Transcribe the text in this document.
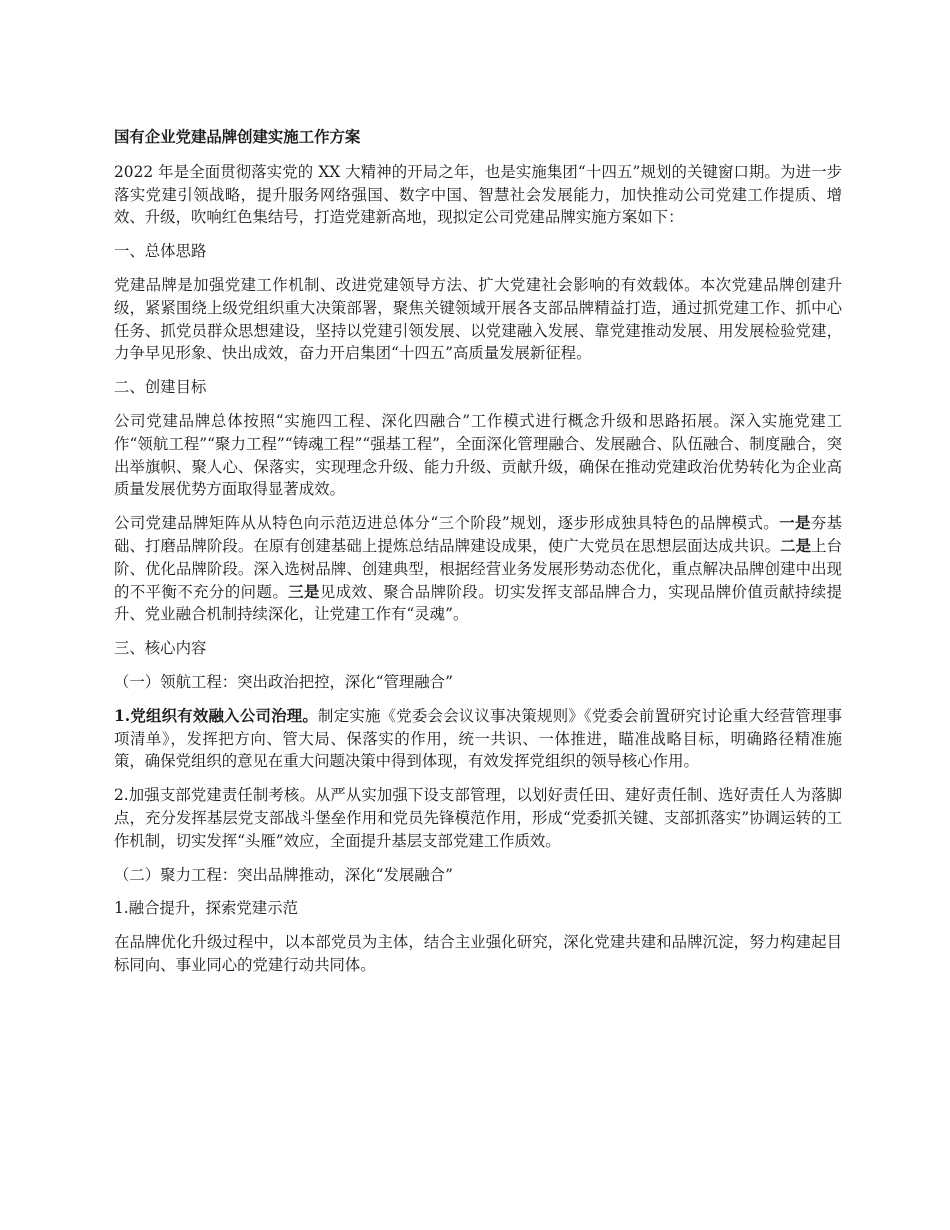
国有企业党建品牌创建实施工作方案

2022 年是全面贯彻落实党的 XX 大精神的开局之年，也是实施集团“十四五”规划的关键窗口期。为进一步落实党建引领战略，提升服务网络强国、数字中国、智慧社会发展能力，加快推动公司党建工作提质、增效、升级，吹响红色集结号，打造党建新高地，现拟定公司党建品牌实施方案如下：

一、总体思路

党建品牌是加强党建工作机制、改进党建领导方法、扩大党建社会影响的有效载体。本次党建品牌创建升级，紧紧围绕上级党组织重大决策部署，聚焦关键领域开展各支部品牌精益打造，通过抓党建工作、抓中心任务、抓党员群众思想建设，坚持以党建引领发展、以党建融入发展、靠党建推动发展、用发展检验党建，力争早见形象、快出成效，奋力开启集团“十四五”高质量发展新征程。

二、创建目标

公司党建品牌总体按照“实施四工程、深化四融合”工作模式进行概念升级和思路拓展。深入实施党建工作“领航工程”“聚力工程”“铸魂工程”“强基工程”，全面深化管理融合、发展融合、队伍融合、制度融合，突出举旗帜、聚人心、保落实，实现理念升级、能力升级、贡献升级，确保在推动党建政治优势转化为企业高质量发展优势方面取得显著成效。

公司党建品牌矩阵从从特色向示范迈进总体分“三个阶段”规划，逐步形成独具特色的品牌模式。一是夯基础、打磨品牌阶段。在原有创建基础上提炼总结品牌建设成果，使广大党员在思想层面达成共识。二是上台阶、优化品牌阶段。深入选树品牌、创建典型，根据经营业务发展形势动态优化，重点解决品牌创建中出现的不平衡不充分的问题。三是见成效、聚合品牌阶段。切实发挥支部品牌合力，实现品牌价值贡献持续提升、党业融合机制持续深化，让党建工作有“灵魂”。

三、核心内容
（一）领航工程：突出政治把控，深化“管理融合”

1.党组织有效融入公司治理。制定实施《党委会会议议事决策规则》《党委会前置研究讨论重大经营管理事项清单》，发挥把方向、管大局、保落实的作用，统一共识、一体推进，瞄准战略目标，明确路径精准施策，确保党组织的意见在重大问题决策中得到体现，有效发挥党组织的领导核心作用。

2.加强支部党建责任制考核。从严从实加强下设支部管理，以划好责任田、建好责任制、选好责任人为落脚点，充分发挥基层党支部战斗堡垒作用和党员先锋模范作用，形成“党委抓关键、支部抓落实”协调运转的工作机制，切实发挥“头雁”效应，全面提升基层支部党建工作质效。

（二）聚力工程：突出品牌推动，深化“发展融合”
1.融合提升，探索党建示范

在品牌优化升级过程中，以本部党员为主体，结合主业强化研究，深化党建共建和品牌沉淀，努力构建起目标同向、事业同心的党建行动共同体。
